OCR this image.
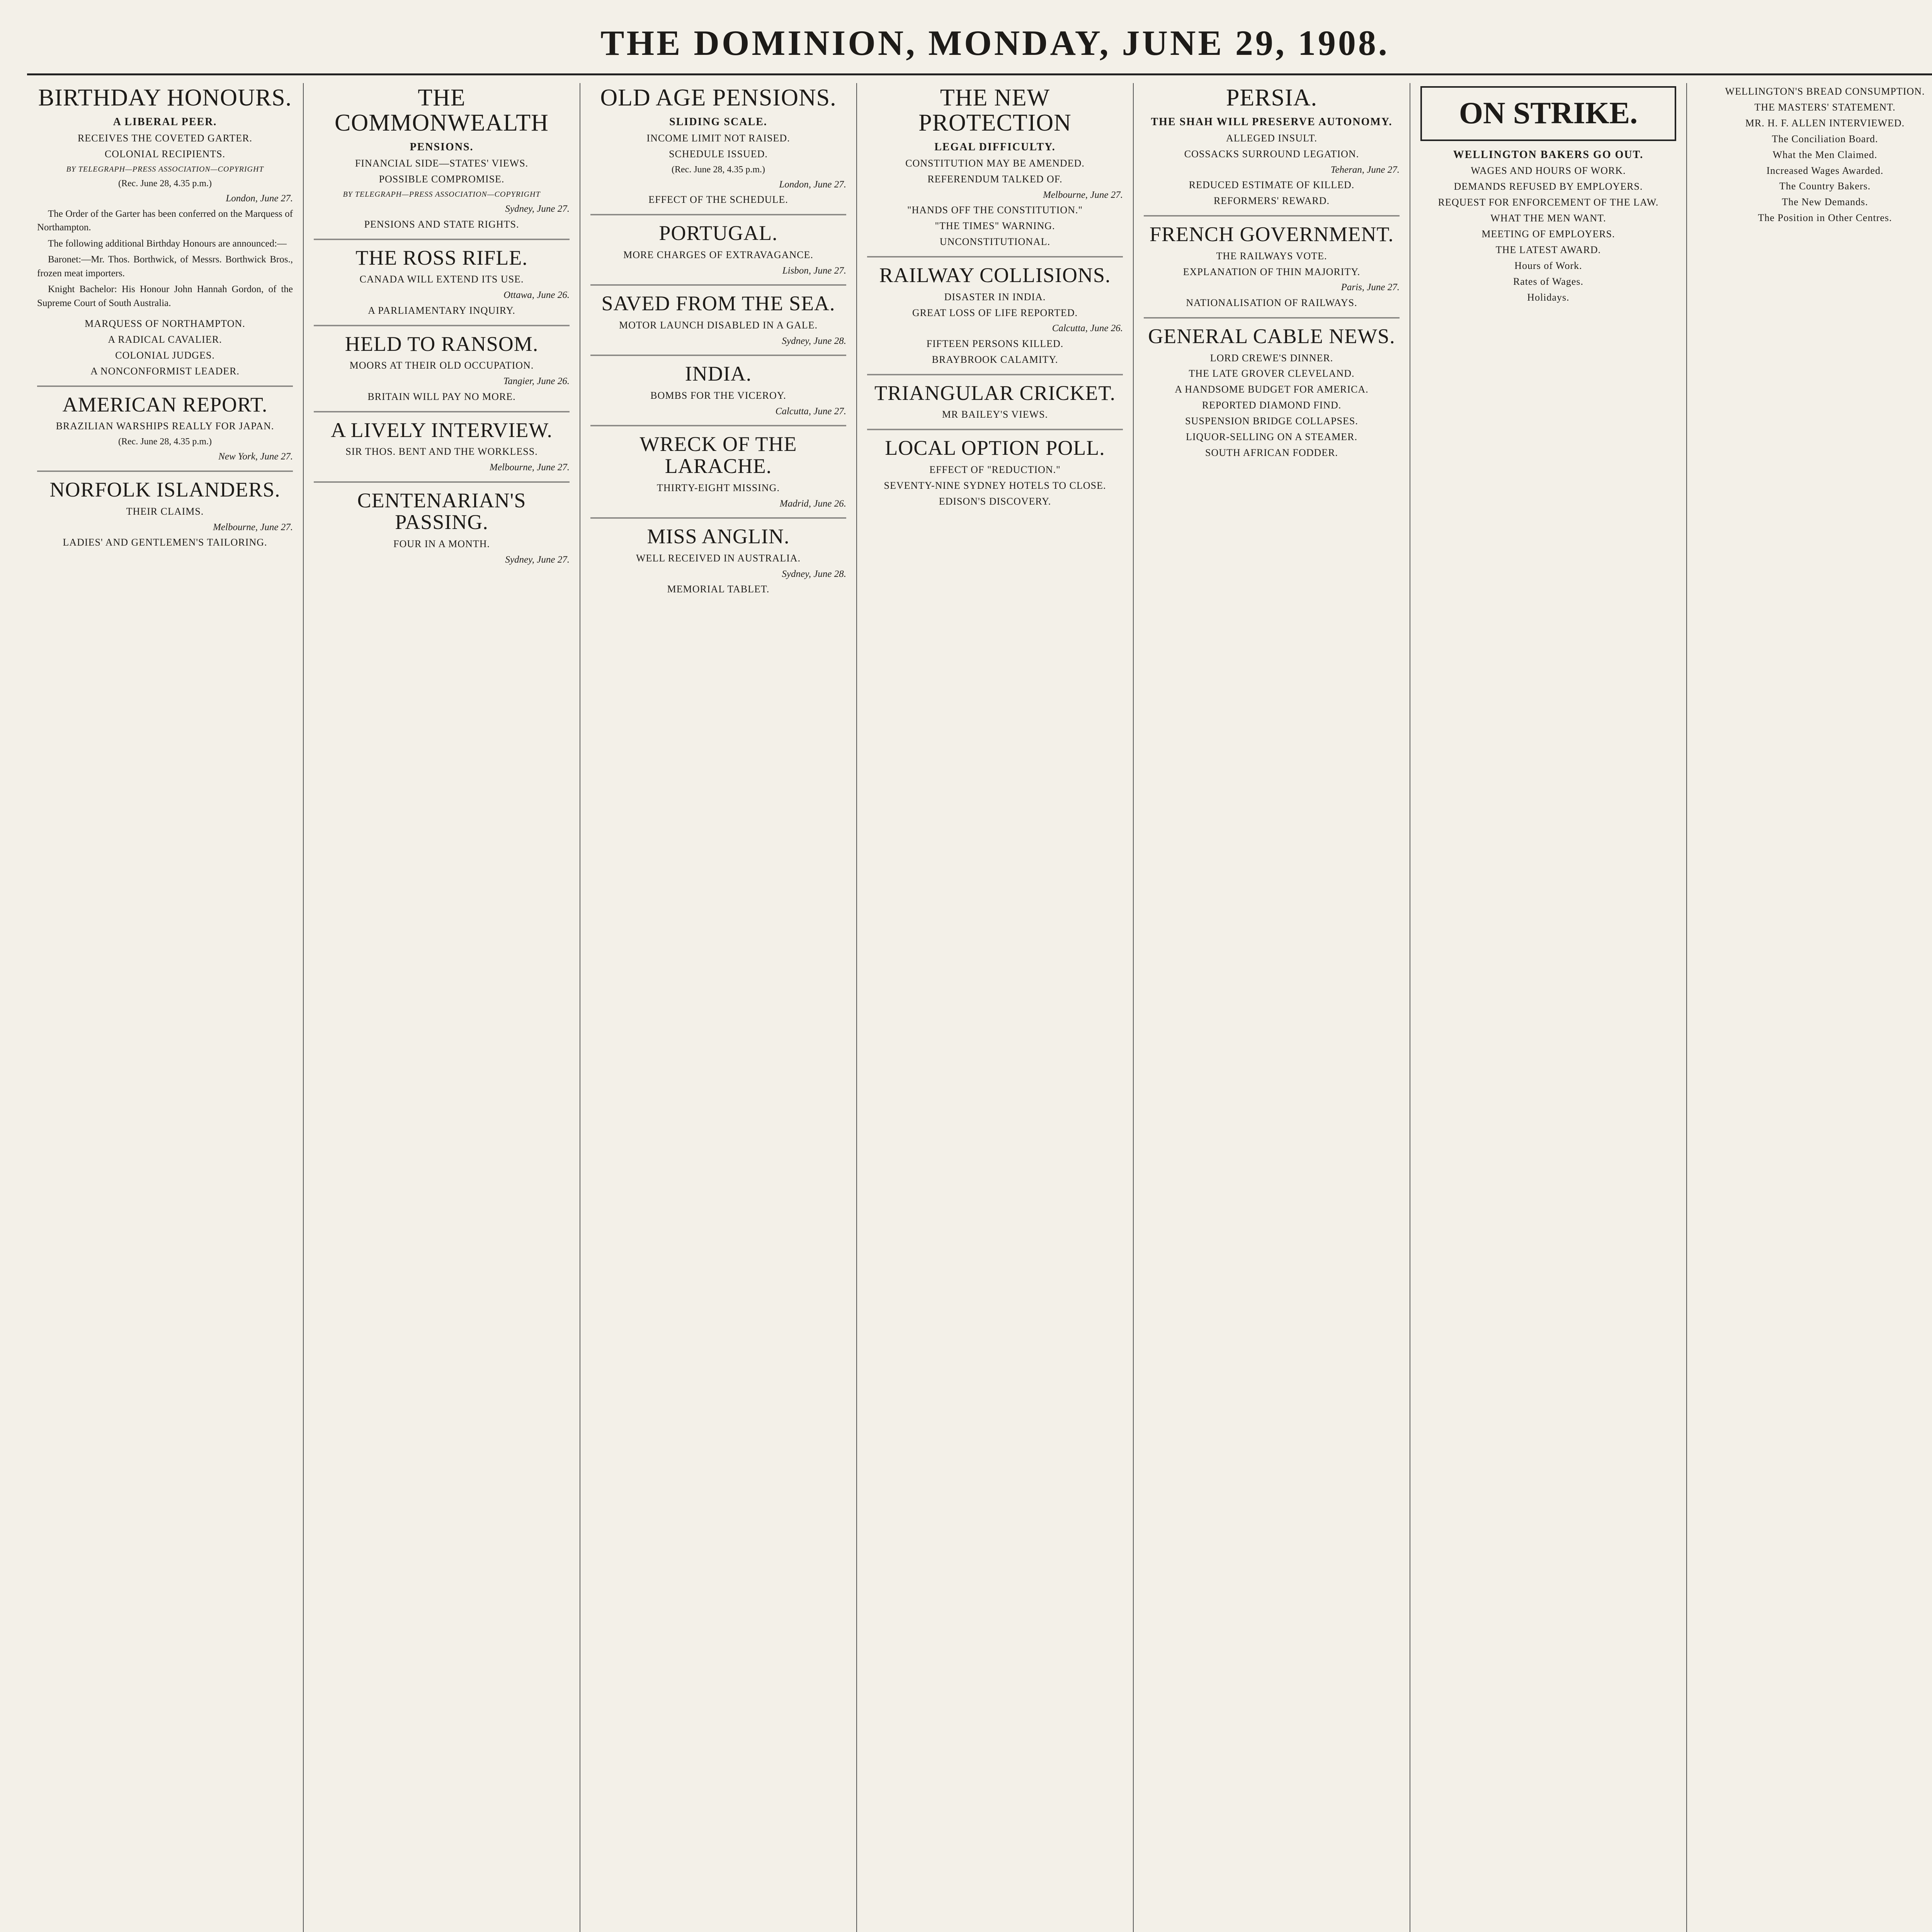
THE DOMINION, MONDAY, JUNE 29, 1908.
BIRTHDAY HONOURS.
A LIBERAL PEER.
RECEIVES THE COVETED GARTER.
COLONIAL RECIPIENTS.
BY TELEGRAPH—PRESS ASSOCIATION—COPYRIGHT
(Rec. June 28, 4.35 p.m.)
London, June 27.

The Order of the Garter has been conferred on the Marquess of Northampton.

The following additional Birthday Honours are announced:—

Baronet:—Mr. Thos. Borthwick, of Messrs. Borthwick Bros., frozen meat importers.

Knight Bachelor: His Honour John Hannah Gordon, of the Supreme Court of South Australia.

MARQUESS OF NORTHAMPTON.
A RADICAL CAVALIER.
COLONIAL JUDGES.
A NONCONFORMIST LEADER.
AMERICAN REPORT.
BRAZILIAN WARSHIPS REALLY FOR JAPAN.
(Rec. June 28, 4.35 p.m.)
New York, June 27.
NORFOLK ISLANDERS.
THEIR CLAIMS.
Melbourne, June 27.
LADIES' AND GENTLEMEN'S TAILORING.
THE COMMONWEALTH
PENSIONS.
FINANCIAL SIDE—STATES' VIEWS.
POSSIBLE COMPROMISE.
BY TELEGRAPH—PRESS ASSOCIATION—COPYRIGHT
Sydney, June 27.
PENSIONS AND STATE RIGHTS.
THE ROSS RIFLE.
CANADA WILL EXTEND ITS USE.
Ottawa, June 26.
A PARLIAMENTARY INQUIRY.
HELD TO RANSOM.
MOORS AT THEIR OLD OCCUPATION.
Tangier, June 26.
BRITAIN WILL PAY NO MORE.
A LIVELY INTERVIEW.
SIR THOS. BENT AND THE WORKLESS.
Melbourne, June 27.
CENTENARIAN'S PASSING.
FOUR IN A MONTH.
Sydney, June 27.
OLD AGE PENSIONS.
SLIDING SCALE.
INCOME LIMIT NOT RAISED.
SCHEDULE ISSUED.
(Rec. June 28, 4.35 p.m.)
London, June 27.
EFFECT OF THE SCHEDULE.
PORTUGAL.
MORE CHARGES OF EXTRAVAGANCE.
Lisbon, June 27.
SAVED FROM THE SEA.
MOTOR LAUNCH DISABLED IN A GALE.
Sydney, June 28.
INDIA.
BOMBS FOR THE VICEROY.
Calcutta, June 27.
WRECK OF THE LARACHE.
THIRTY-EIGHT MISSING.
Madrid, June 26.
MISS ANGLIN.
WELL RECEIVED IN AUSTRALIA.
Sydney, June 28.
MEMORIAL TABLET.
THE NEW PROTECTION
LEGAL DIFFICULTY.
CONSTITUTION MAY BE AMENDED.
REFERENDUM TALKED OF.
Melbourne, June 27.
"HANDS OFF THE CONSTITUTION."
"THE TIMES" WARNING.
UNCONSTITUTIONAL.
RAILWAY COLLISIONS.
DISASTER IN INDIA.
GREAT LOSS OF LIFE REPORTED.
Calcutta, June 26.
FIFTEEN PERSONS KILLED.
BRAYBROOK CALAMITY.
TRIANGULAR CRICKET.
MR BAILEY'S VIEWS.
LOCAL OPTION POLL.
EFFECT OF "REDUCTION."
SEVENTY-NINE SYDNEY HOTELS TO CLOSE.
EDISON'S DISCOVERY.
PERSIA.
THE SHAH WILL PRESERVE AUTONOMY.
ALLEGED INSULT.
COSSACKS SURROUND LEGATION.
Teheran, June 27.
REDUCED ESTIMATE OF KILLED.
REFORMERS' REWARD.
FRENCH GOVERNMENT.
THE RAILWAYS VOTE.
EXPLANATION OF THIN MAJORITY.
Paris, June 27.
NATIONALISATION OF RAILWAYS.
GENERAL CABLE NEWS.
LORD CREWE'S DINNER.
THE LATE GROVER CLEVELAND.
A HANDSOME BUDGET FOR AMERICA.
REPORTED DIAMOND FIND.
SUSPENSION BRIDGE COLLAPSES.
LIQUOR-SELLING ON A STEAMER.
SOUTH AFRICAN FODDER.
ON STRIKE.
WELLINGTON BAKERS GO OUT.
WAGES AND HOURS OF WORK.
DEMANDS REFUSED BY EMPLOYERS.
REQUEST FOR ENFORCEMENT OF THE LAW.
WHAT THE MEN WANT.
MEETING OF EMPLOYERS.
THE LATEST AWARD.
Hours of Work.
Rates of Wages.
Holidays.
WELLINGTON'S BREAD CONSUMPTION.
THE MASTERS' STATEMENT.
MR. H. F. ALLEN INTERVIEWED.
The Conciliation Board.
What the Men Claimed.
Increased Wages Awarded.
The Country Bakers.
The New Demands.
The Position in Other Centres.
